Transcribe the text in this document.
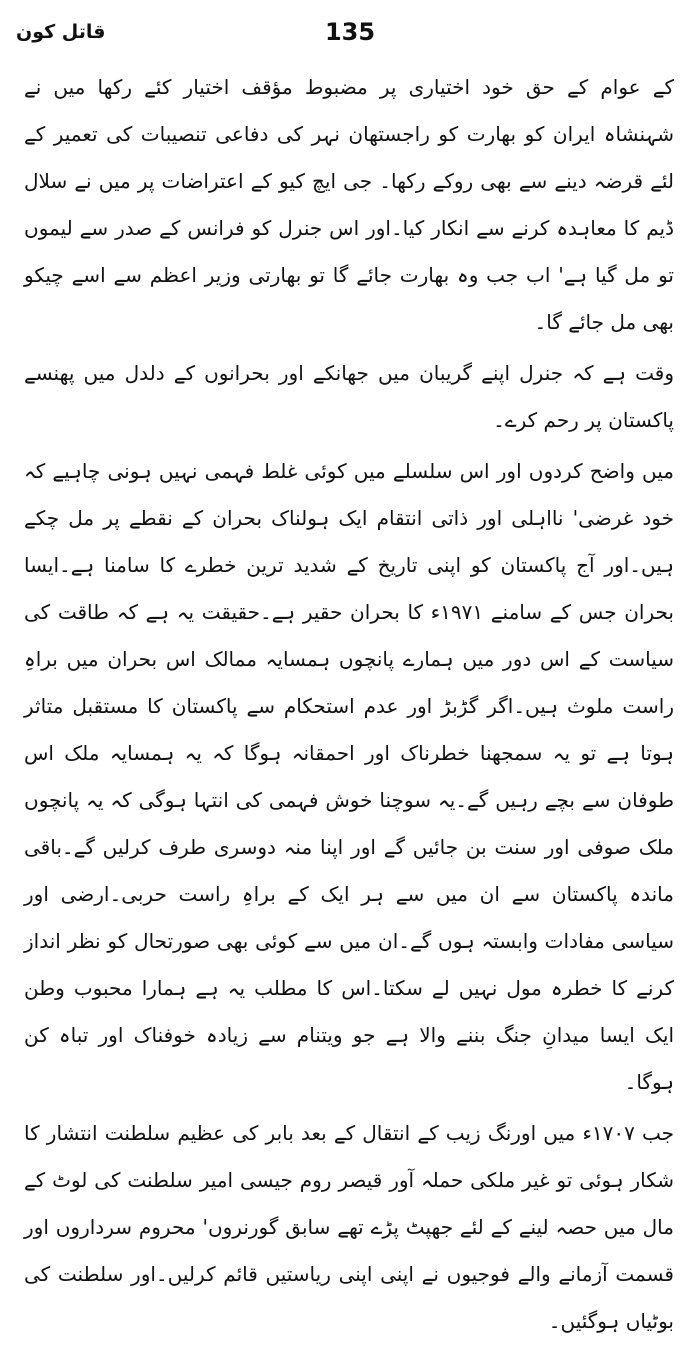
135
قاتل کون

کے عوام کے حق خود اختیاری پر مضبوط مؤقف اختیار کئے رکھا میں نے شہنشاہ ایران کو بھارت کو راجستھان نہر کی دفاعی تنصیبات کی تعمیر کے لئے قرضہ دینے سے بھی روکے رکھا۔ جی ایچ کیو کے اعتراضات پر میں نے سلال ڈیم کا معاہدہ کرنے سے انکار کیا۔اور اس جنرل کو فرانس کے صدر سے لیموں تو مل گیا ہے' اب جب وہ بھارت جائے گا تو بھارتی وزیر اعظم سے اسے چیکو بھی مل جائے گا۔

وقت ہے کہ جنرل اپنے گریبان میں جھانکے اور بحرانوں کے دلدل میں پھنسے پاکستان پر رحم کرے۔

میں واضح کردوں اور اس سلسلے میں کوئی غلط فہمی نہیں ہونی چاہیے کہ خود غرضی' نااہلی اور ذاتی انتقام ایک ہولناک بحران کے نقطے پر مل چکے ہیں۔اور آج پاکستان کو اپنی تاریخ کے شدید ترین خطرے کا سامنا ہے۔ایسا بحران جس کے سامنے ۱۹۷۱ء کا بحران حقیر ہے۔حقیقت یہ ہے کہ طاقت کی سیاست کے اس دور میں ہمارے پانچوں ہمسایہ ممالک اس بحران میں براہِ راست ملوث ہیں۔اگر گڑبڑ اور عدم استحکام سے پاکستان کا مستقبل متاثر ہوتا ہے تو یہ سمجھنا خطرناک اور احمقانہ ہوگا کہ یہ ہمسایہ ملک اس طوفان سے بچے رہیں گے۔یہ سوچنا خوش فہمی کی انتہا ہوگی کہ یہ پانچوں ملک صوفی اور سنت بن جائیں گے اور اپنا منہ دوسری طرف کرلیں گے۔باقی ماندہ پاکستان سے ان میں سے ہر ایک کے براہِ راست حربی۔ارضی اور سیاسی مفادات وابستہ ہوں گے۔ان میں سے کوئی بھی صورتحال کو نظر انداز کرنے کا خطرہ مول نہیں لے سکتا۔اس کا مطلب یہ ہے ہمارا محبوب وطن ایک ایسا میدانِ جنگ بننے والا ہے جو ویتنام سے زیادہ خوفناک اور تباہ کن ہوگا۔

جب ۱۷۰۷ء میں اورنگ زیب کے انتقال کے بعد بابر کی عظیم سلطنت انتشار کا شکار ہوئی تو غیر ملکی حملہ آور قیصر روم جیسی امیر سلطنت کی لوٹ کے مال میں حصہ لینے کے لئے جھپٹ پڑے تھے سابق گورنروں' محروم سرداروں اور قسمت آزمانے والے فوجیوں نے اپنی اپنی ریاستیں قائم کرلیں۔اور سلطنت کی بوٹیاں ہوگئیں۔
